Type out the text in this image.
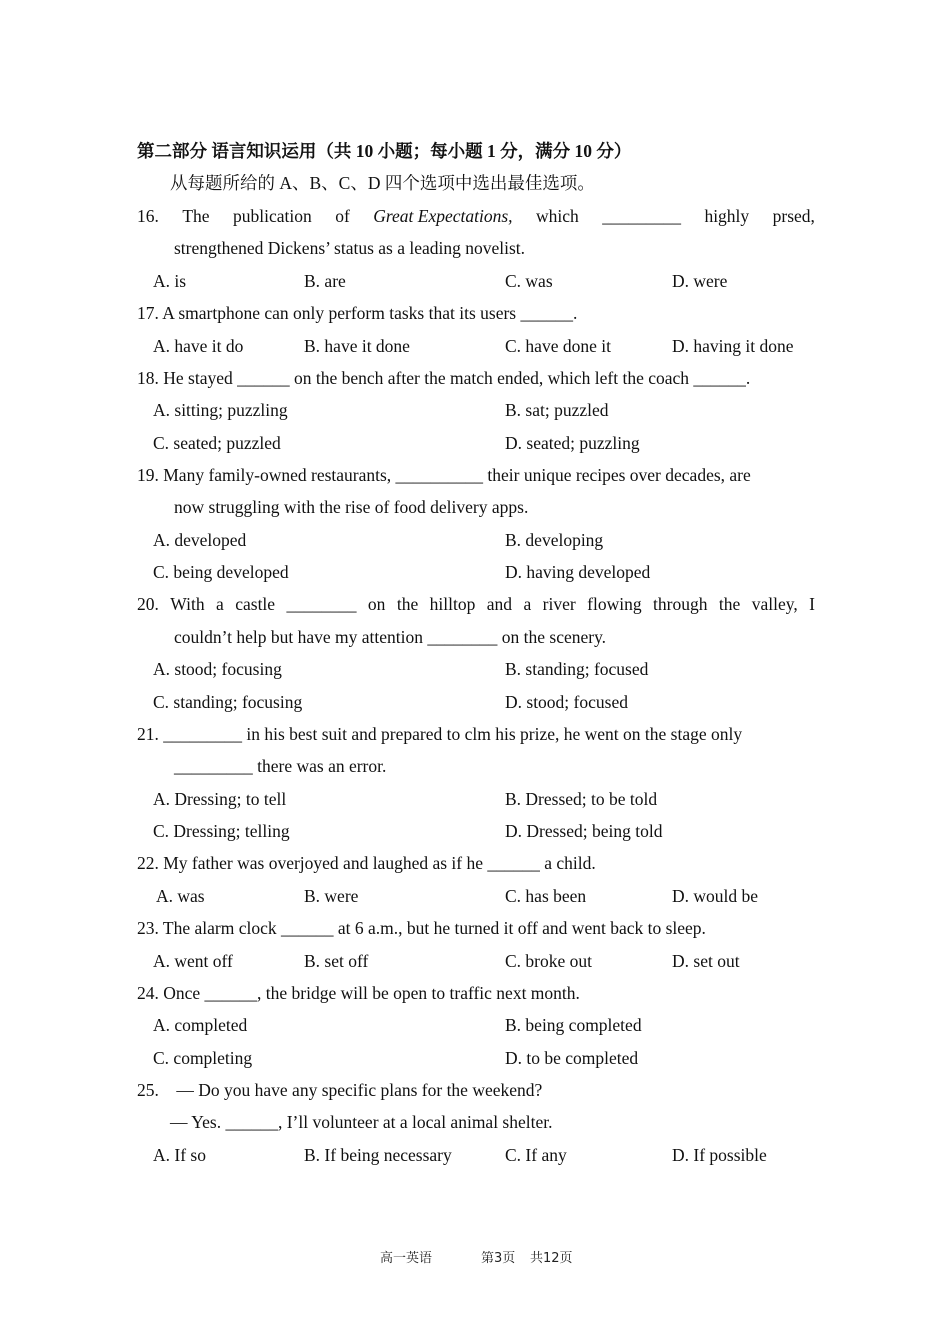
第二部分 语言知识运用（共 10 小题；每小题 1 分，满分 10 分）
从每题所给的 A、B、C、D 四个选项中选出最佳选项。
16. The publication of Great Expectations, which _________ highly prsed,
strengthened Dickens’ status as a leading novelist.
A. is	B. are	C. was	D. were
17. A smartphone can only perform tasks that its users ______.
A. have it do	B. have it done	C. have done it	D. having it done
18. He stayed ______ on the bench after the match ended, which left the coach ______.
A. sitting; puzzling	B. sat; puzzled
C. seated; puzzled	D. seated; puzzling
19. Many family-owned restaurants, __________ their unique recipes over decades, are
now struggling with the rise of food delivery apps.
A. developed	B. developing
C. being developed	D. having developed
20. With a castle ________ on the hilltop and a river flowing through the valley, I
couldn’t help but have my attention ________ on the scenery.
A. stood; focusing	B. standing; focused
C. standing; focusing	D. stood; focused
21. _________ in his best suit and prepared to clm his prize, he went on the stage only
_________ there was an error.
A. Dressing; to tell	B. Dressed; to be told
C. Dressing; telling	D. Dressed; being told
22. My father was overjoyed and laughed as if he ______ a child.
A. was	B. were	C. has been	D. would be
23. The alarm clock ______ at 6 a.m., but he turned it off and went back to sleep.
A. went off	B. set off	C. broke out	D. set out
24. Once ______, the bridge will be open to traffic next month.
A. completed	B. being completed
C. completing	D. to be completed
25.    — Do you have any specific plans for the weekend?
— Yes. ______, I’ll volunteer at a local animal shelter.
A. If so	B. If being necessary	C. If any	D. If possible
高一英语	第3页 共12页
